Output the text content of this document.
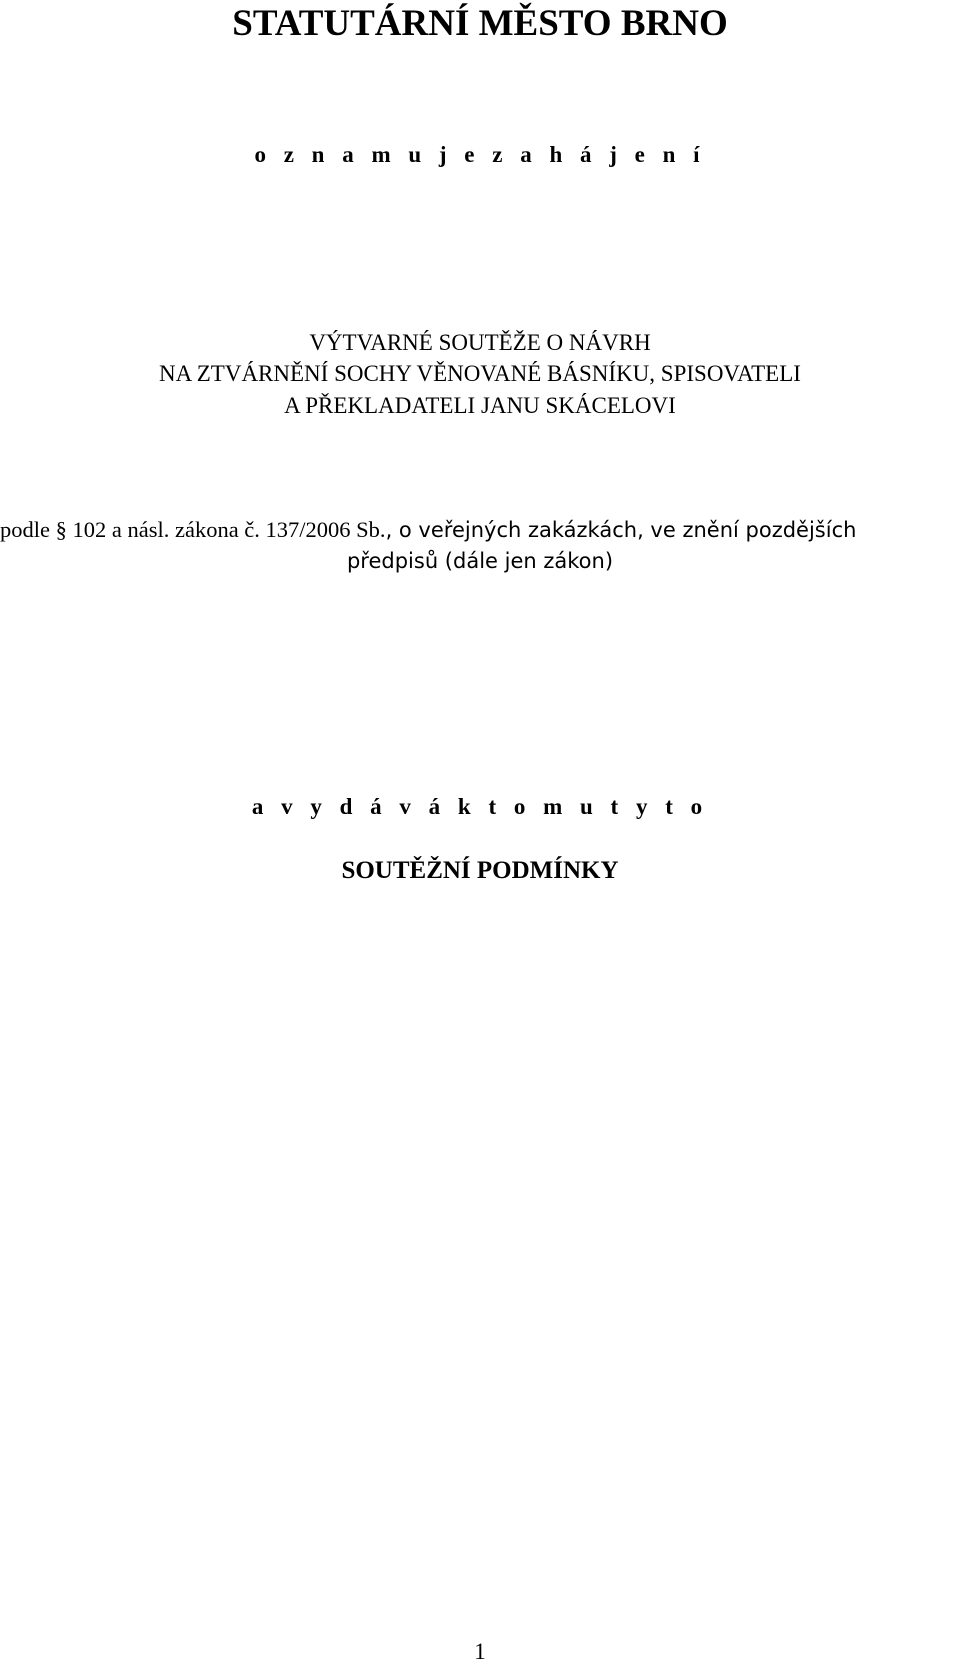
STATUTÁRNÍ MĚSTO BRNO
o z n a m u j e z a h á j e n í
VÝTVARNÉ SOUTĚŽE O NÁVRH
NA ZTVÁRNĚNÍ SOCHY VĚNOVANÉ BÁSNÍKU, SPISOVATELI
A PŘEKLADATELI JANU SKÁCELOVI
podle § 102 a násl. zákona č. 137/2006 Sb., o veřejných zakázkách, ve znění pozdějších
předpisů (dále jen zákon)
a v y d á v á k t o m u t y t o
SOUTĚŽNÍ PODMÍNKY
1
